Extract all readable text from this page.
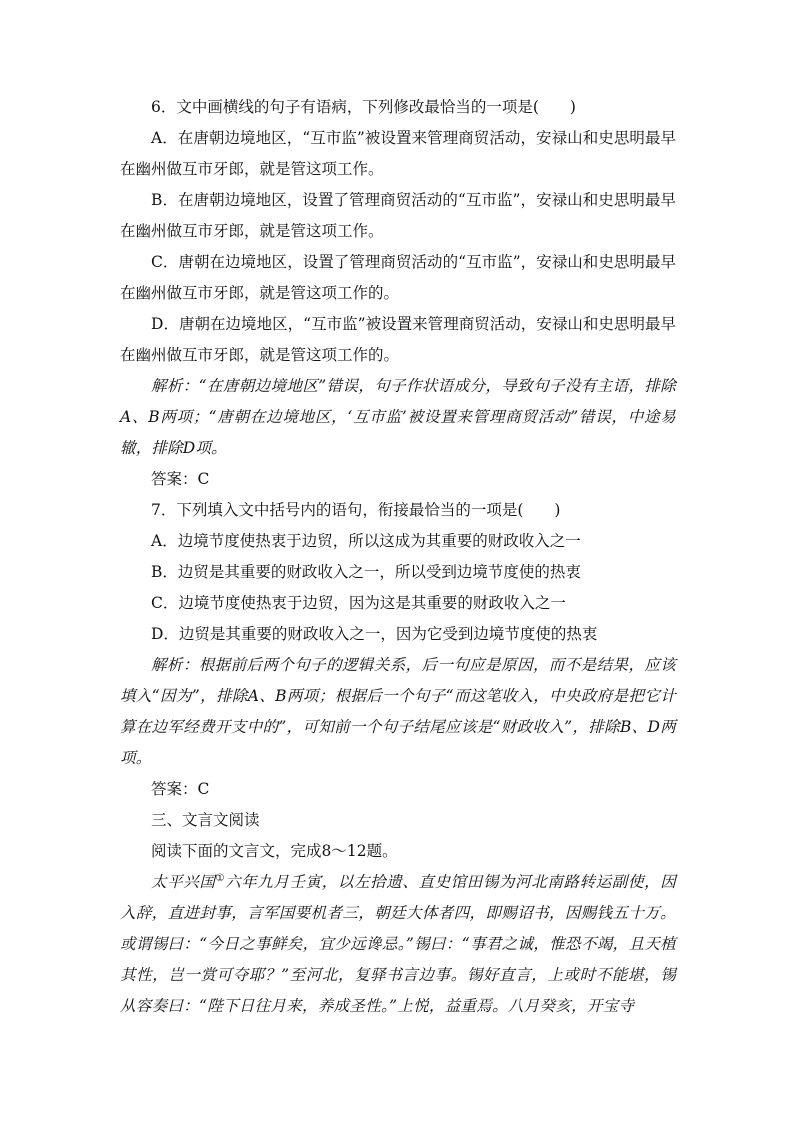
6．文中画横线的句子有语病，下列修改最恰当的一项是(　　)

A．在唐朝边境地区，“互市监”被设置来管理商贸活动，安禄山和史思明最早在幽州做互市牙郎，就是管这项工作。

B．在唐朝边境地区，设置了管理商贸活动的“互市监”，安禄山和史思明最早在幽州做互市牙郎，就是管这项工作。

C．唐朝在边境地区，设置了管理商贸活动的“互市监”，安禄山和史思明最早在幽州做互市牙郎，就是管这项工作的。

D．唐朝在边境地区，“互市监”被设置来管理商贸活动，安禄山和史思明最早在幽州做互市牙郎，就是管这项工作的。

解析：“在唐朝边境地区”错误，句子作状语成分，导致句子没有主语，排除A、B两项；“唐朝在边境地区，‘互市监’被设置来管理商贸活动”错误，中途易辙，排除D项。

答案：C

7．下列填入文中括号内的语句，衔接最恰当的一项是(　　)

A．边境节度使热衷于边贸，所以这成为其重要的财政收入之一

B．边贸是其重要的财政收入之一，所以受到边境节度使的热衷

C．边境节度使热衷于边贸，因为这是其重要的财政收入之一

D．边贸是其重要的财政收入之一，因为它受到边境节度使的热衷

解析：根据前后两个句子的逻辑关系，后一句应是原因，而不是结果，应该填入“因为”，排除A、B两项；根据后一个句子“而这笔收入，中央政府是把它计算在边军经费开支中的”，可知前一个句子结尾应该是“财政收入”，排除B、D两项。

答案：C

三、文言文阅读

阅读下面的文言文，完成8～12题。

太平兴国①六年九月壬寅，以左拾遗、直史馆田锡为河北南路转运副使，因入辞，直进封事，言军国要机者三，朝廷大体者四，即赐诏书，因赐钱五十万。或谓锡曰：“今日之事鲜矣，宜少远谗忌。”锡曰：“事君之诚，惟恐不竭，且天植其性，岂一赏可夺耶？”至河北，复驿书言边事。锡好直言，上或时不能堪，锡从容奏曰：“陛下日往月来，养成圣性。”上悦，益重焉。八月癸亥，开宝寺
